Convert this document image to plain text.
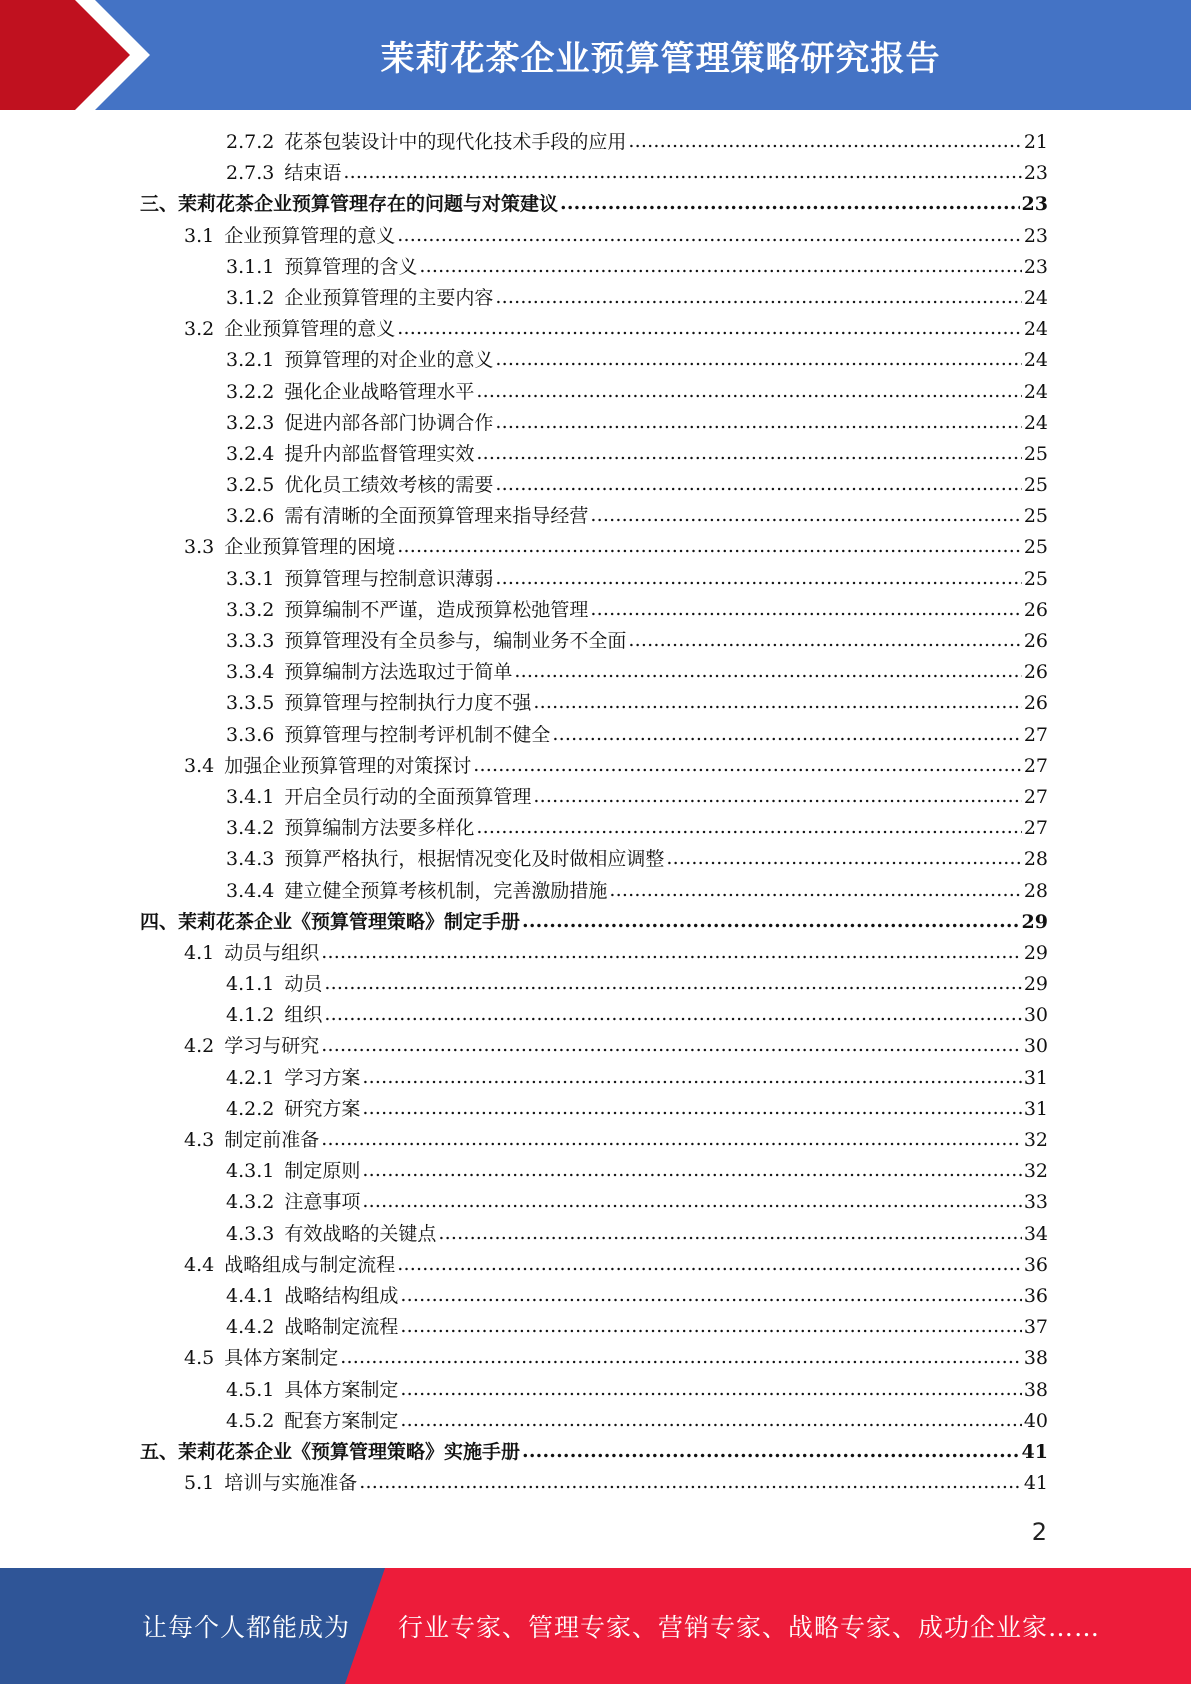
茉莉花茶企业预算管理策略研究报告
2.7.2 花茶包装设计中的现代化技术手段的应用 .....	21
2.7.3 结束语 .....	23
三、 茉莉花茶企业预算管理存在的问题与对策建议 .....	23
3.1 企业预算管理的意义 .....	23
3.1.1 预算管理的含义 .....	23
3.1.2 企业预算管理的主要内容 .....	24
3.2 企业预算管理的意义 .....	24
3.2.1 预算管理的对企业的意义 .....	24
3.2.2 强化企业战略管理水平 .....	24
3.2.3 促进内部各部门协调合作 .....	24
3.2.4 提升内部监督管理实效 .....	25
3.2.5 优化员工绩效考核的需要 .....	25
3.2.6 需有清晰的全面预算管理来指导经营 .....	25
3.3 企业预算管理的困境 .....	25
3.3.1 预算管理与控制意识薄弱 .....	25
3.3.2 预算编制不严谨，造成预算松弛管理 .....	26
3.3.3 预算管理没有全员参与，编制业务不全面 .....	26
3.3.4 预算编制方法选取过于简单 .....	26
3.3.5 预算管理与控制执行力度不强 .....	26
3.3.6 预算管理与控制考评机制不健全 .....	27
3.4 加强企业预算管理的对策探讨 .....	27
3.4.1 开启全员行动的全面预算管理 .....	27
3.4.2 预算编制方法要多样化 .....	27
3.4.3 预算严格执行，根据情况变化及时做相应调整 .....	28
3.4.4 建立健全预算考核机制，完善激励措施 .....	28
四、 茉莉花茶企业《预算管理策略》制定手册 .....	29
4.1 动员与组织 .....	29
4.1.1 动员 .....	29
4.1.2 组织 .....	30
4.2 学习与研究 .....	30
4.2.1 学习方案 .....	31
4.2.2 研究方案 .....	31
4.3 制定前准备 .....	32
4.3.1 制定原则 .....	32
4.3.2 注意事项 .....	33
4.3.3 有效战略的关键点 .....	34
4.4 战略组成与制定流程 .....	36
4.4.1 战略结构组成 .....	36
4.4.2 战略制定流程 .....	37
4.5 具体方案制定 .....	38
4.5.1 具体方案制定 .....	38
4.5.2 配套方案制定 .....	40
五、 茉莉花茶企业《预算管理策略》实施手册 .....	41
5.1 培训与实施准备 .....	41
2
让每个人都能成为 行业专家、管理专家、营销专家、战略专家、成功企业家……
